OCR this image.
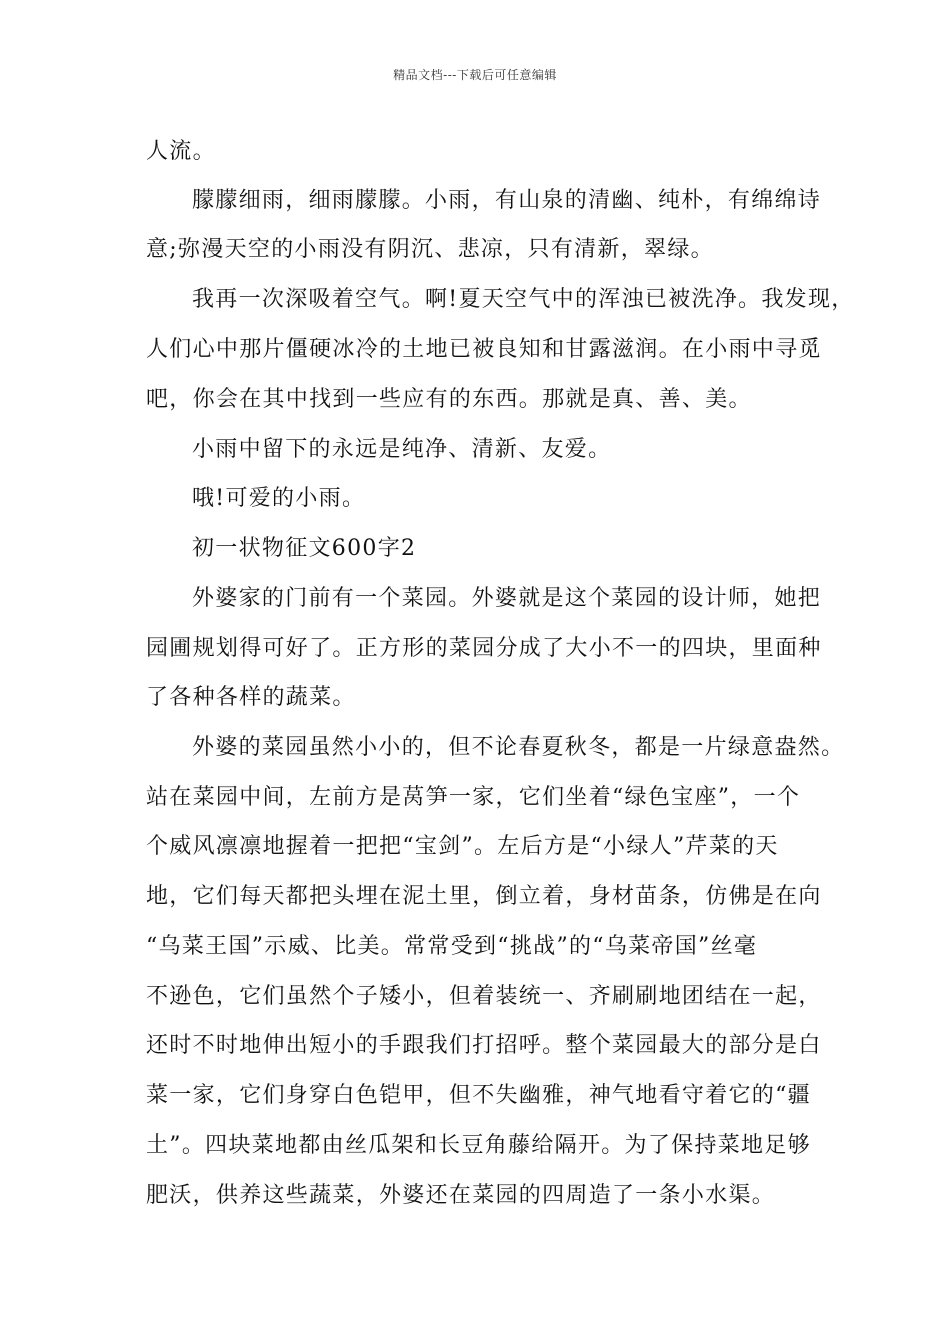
精品文档---下载后可任意编辑
人流。
朦朦细雨，细雨朦朦。小雨，有山泉的清幽、纯朴，有绵绵诗
意;弥漫天空的小雨没有阴沉、悲凉，只有清新，翠绿。
我再一次深吸着空气。啊!夏天空气中的浑浊已被洗净。我发现，
人们心中那片僵硬冰冷的土地已被良知和甘露滋润。在小雨中寻觅
吧，你会在其中找到一些应有的东西。那就是真、善、美。
小雨中留下的永远是纯净、清新、友爱。
哦!可爱的小雨。
初一状物征文600字2
外婆家的门前有一个菜园。外婆就是这个菜园的设计师，她把
园圃规划得可好了。正方形的菜园分成了大小不一的四块，里面种
了各种各样的蔬菜。
外婆的菜园虽然小小的，但不论春夏秋冬，都是一片绿意盎然。
站在菜园中间，左前方是莴笋一家，它们坐着“绿色宝座”，一个
个威风凛凛地握着一把把“宝剑”。左后方是“小绿人”芹菜的天
地，它们每天都把头埋在泥土里，倒立着，身材苗条，仿佛是在向
“乌菜王国”示威、比美。常常受到“挑战”的“乌菜帝国”丝毫
不逊色，它们虽然个子矮小，但着装统一、齐刷刷地团结在一起，
还时不时地伸出短小的手跟我们打招呼。整个菜园最大的部分是白
菜一家，它们身穿白色铠甲，但不失幽雅，神气地看守着它的“疆
土”。四块菜地都由丝瓜架和长豆角藤给隔开。为了保持菜地足够
肥沃，供养这些蔬菜，外婆还在菜园的四周造了一条小水渠。
